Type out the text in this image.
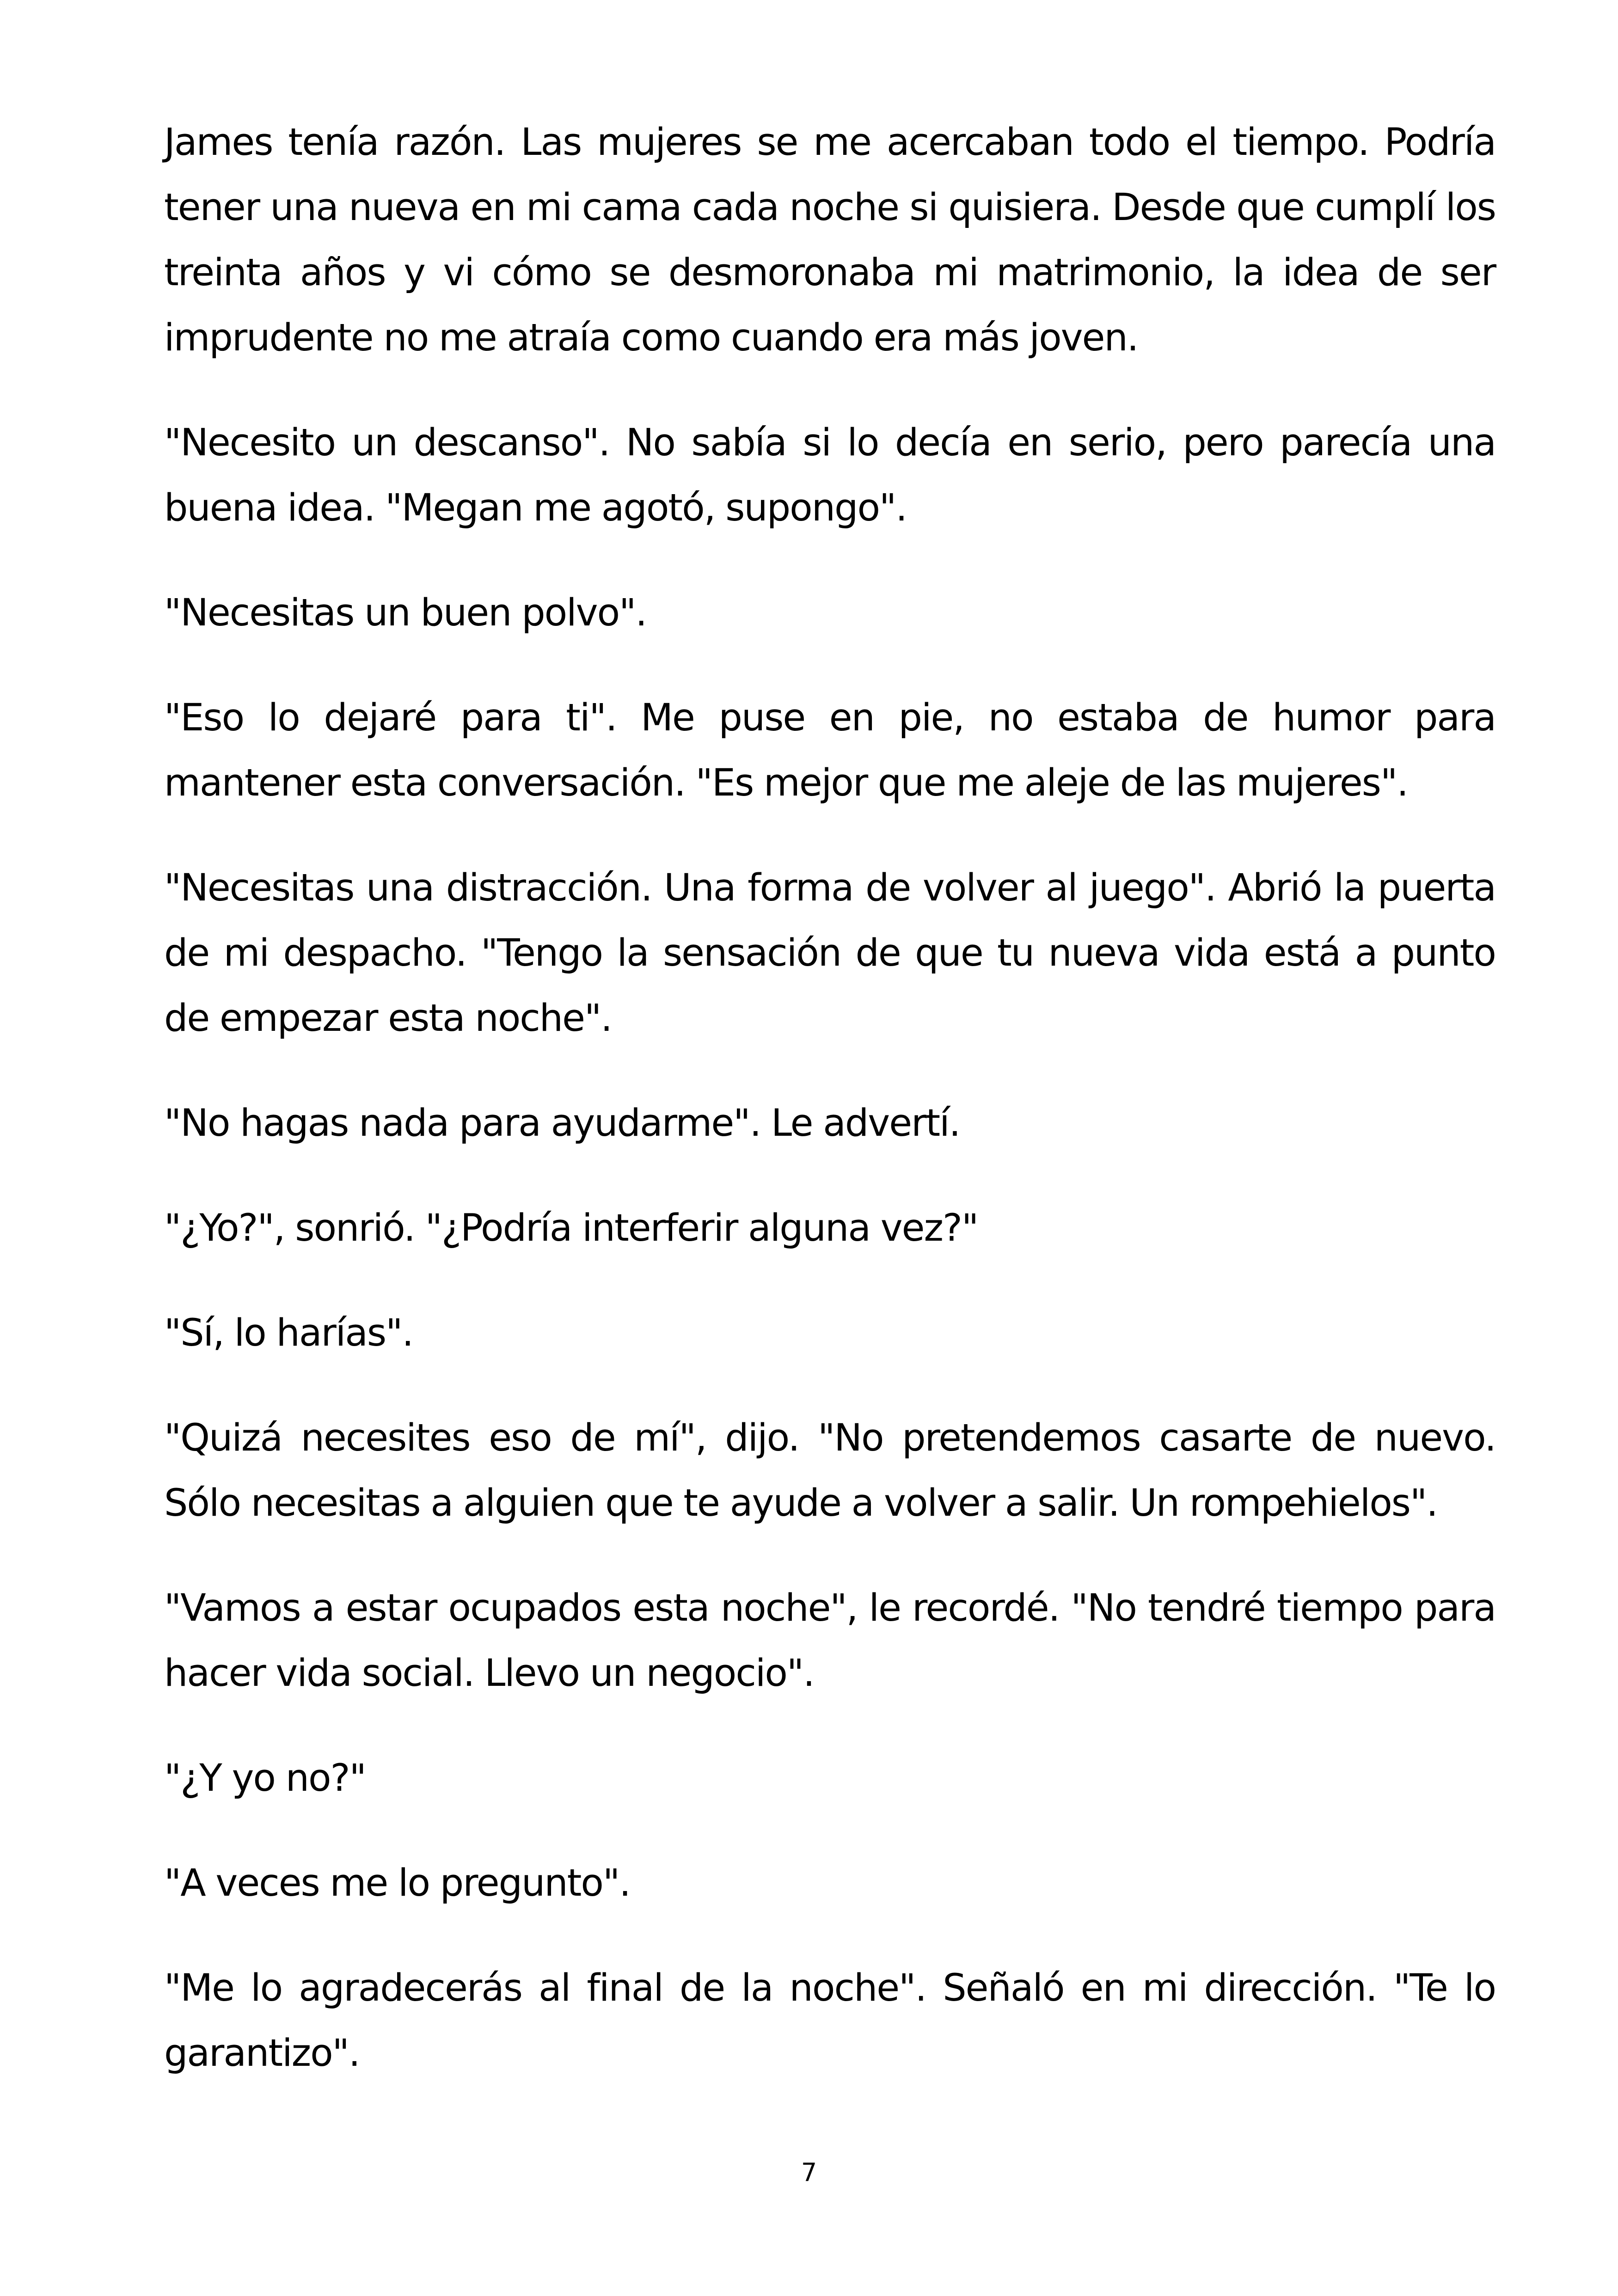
James tenía razón. Las mujeres se me acercaban todo el tiempo. Podría tener una nueva en mi cama cada noche si quisiera. Desde que cumplí los treinta años y vi cómo se desmoronaba mi matrimonio, la idea de ser imprudente no me atraía como cuando era más joven.

"Necesito un descanso". No sabía si lo decía en serio, pero parecía una buena idea. "Megan me agotó, supongo".

"Necesitas un buen polvo".

"Eso lo dejaré para ti". Me puse en pie, no estaba de humor para mantener esta conversación. "Es mejor que me aleje de las mujeres".

"Necesitas una distracción. Una forma de volver al juego". Abrió la puerta de mi despacho. "Tengo la sensación de que tu nueva vida está a punto de empezar esta noche".

"No hagas nada para ayudarme". Le advertí.

"¿Yo?", sonrió. "¿Podría interferir alguna vez?"

"Sí, lo harías".

"Quizá necesites eso de mí", dijo. "No pretendemos casarte de nuevo. Sólo necesitas a alguien que te ayude a volver a salir. Un rompehielos".

"Vamos a estar ocupados esta noche", le recordé. "No tendré tiempo para hacer vida social. Llevo un negocio".

"¿Y yo no?"

"A veces me lo pregunto".

"Me lo agradecerás al final de la noche". Señaló en mi dirección. "Te lo garantizo".

7
